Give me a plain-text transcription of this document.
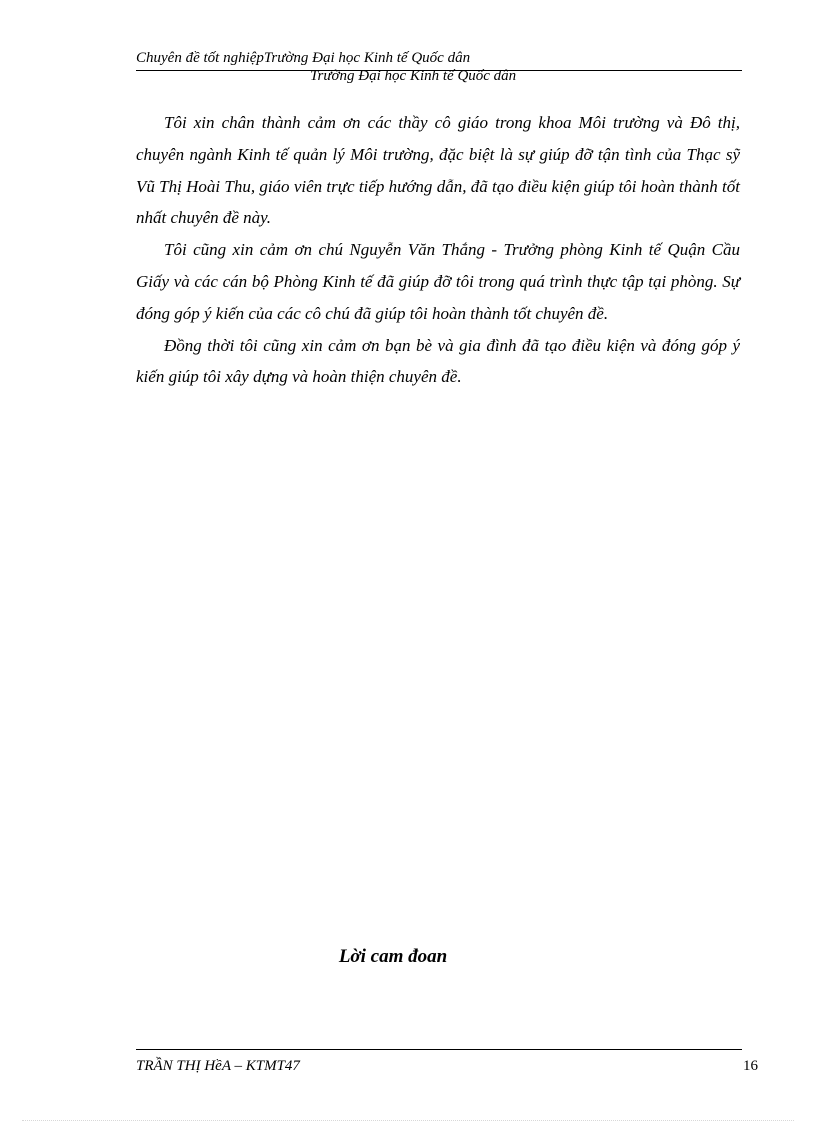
Chuyên đề tốt nghiệpTrường Đại học Kinh tế Quốc dân
Trường Đại học Kinh tế Quốc dân

Tôi xin chân thành cảm ơn các thầy cô giáo trong khoa Môi trường và Đô thị, chuyên ngành Kinh tế quản lý Môi trường, đặc biệt là sự giúp đỡ tận tình của Thạc sỹ Vũ Thị Hoài Thu, giáo viên trực tiếp hướng dẫn, đã tạo điều kiện giúp tôi hoàn thành tốt nhất chuyên đề này.

Tôi cũng xin cảm ơn chú Nguyễn Văn Thắng - Trưởng phòng Kinh tế Quận Cầu Giấy và các cán bộ Phòng Kinh tế đã giúp đỡ tôi trong quá trình thực tập tại phòng. Sự đóng góp ý kiến của các cô chú đã giúp tôi hoàn thành tốt chuyên đề.

Đồng thời tôi cũng xin cảm ơn bạn bè và gia đình đã tạo điều kiện và đóng góp ý kiến giúp tôi xây dựng và hoàn thiện chuyên đề.

Lời cam đoan
TRẦN THỊ HềA – KTMT47	16
